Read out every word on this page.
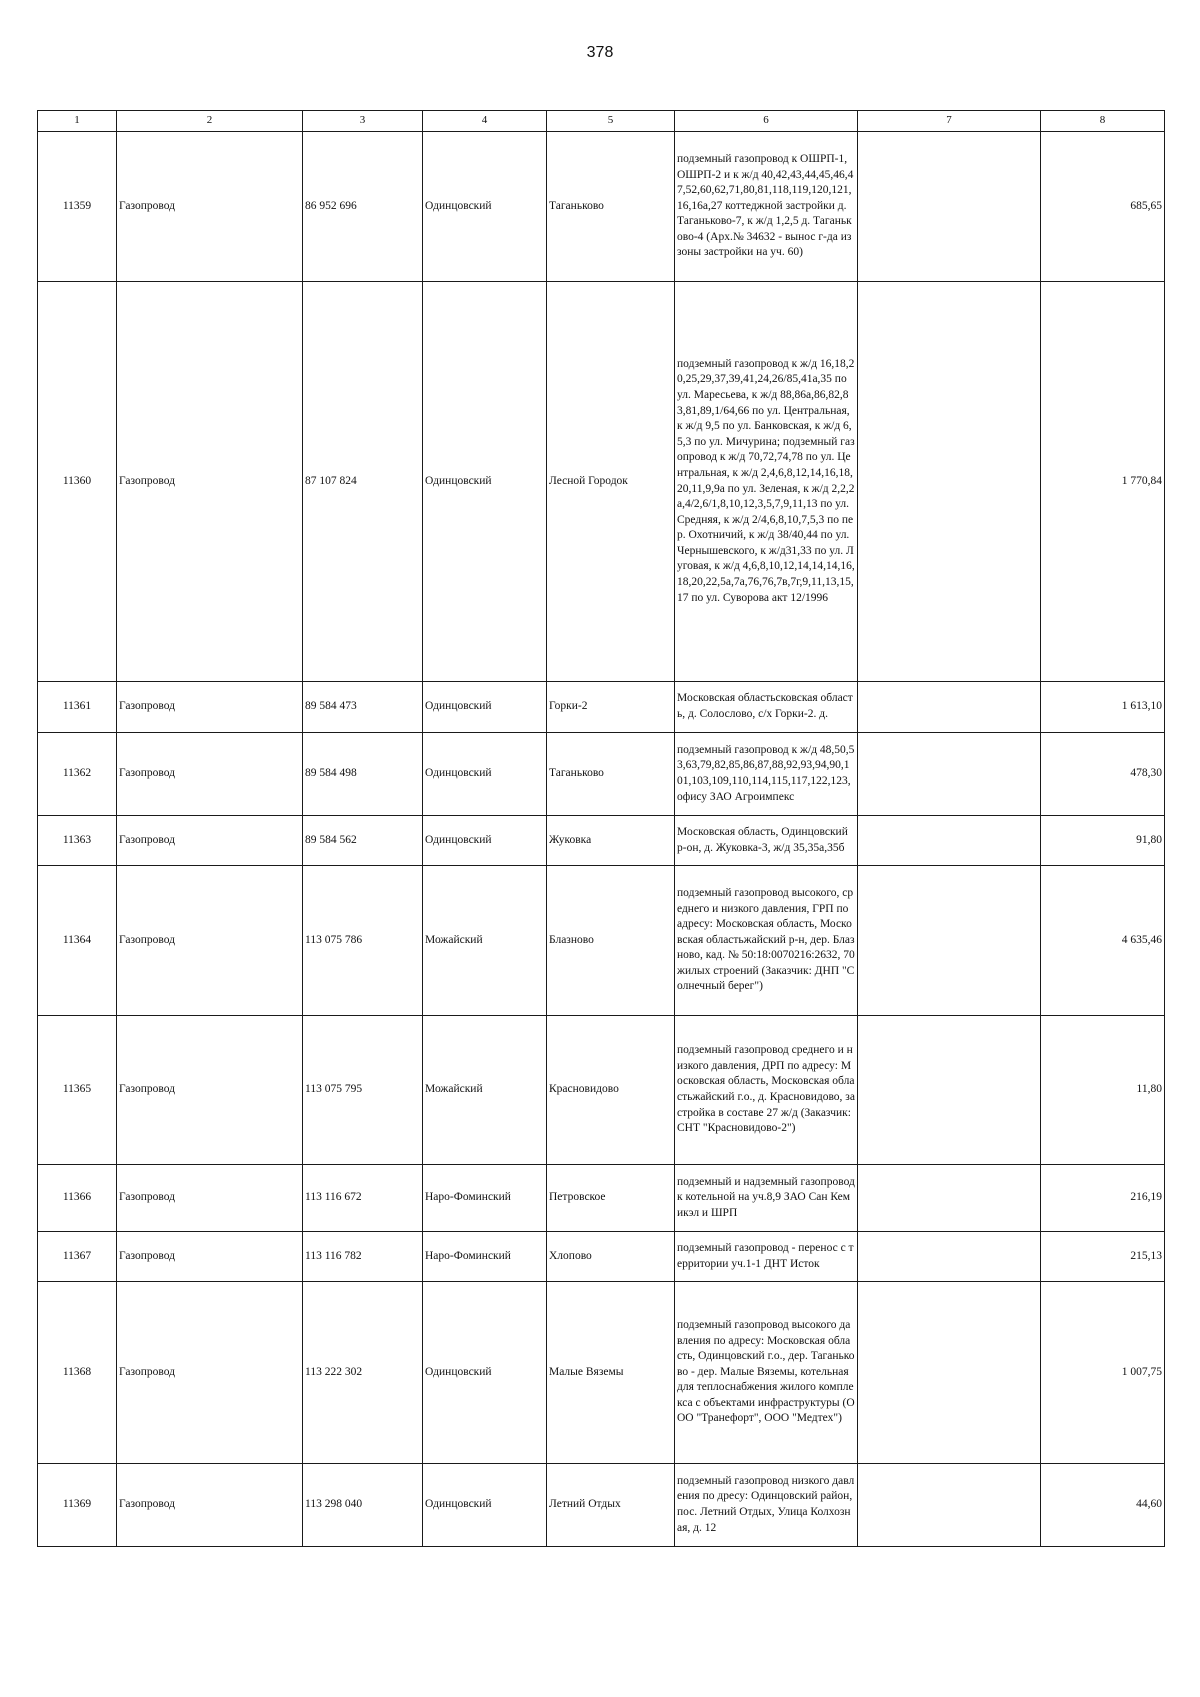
378
1	2	3	4	5	6	7	8
11359	Газопровод	86 952 696	Одинцовский	Таганьково	подземный газопровод к ОШРП-1, ОШРП-2 и к ж/д 40,42,43,44,45,46,47,52,60,62,71,80,81,118,119,120,121,16,16а,27 коттеджной застройки д. Таганьково-7, к ж/д 1,2,5 д. Таганьково-4 (Арх.№ 34632 - вынос г-да из зоны застройки на уч. 60)		685,65
11360	Газопровод	87 107 824	Одинцовский	Лесной Городок	подземный газопровод к ж/д 16,18,20,25,29,37,39,41,24,26/85,41а,35 по ул. Маресьева, к ж/д 88,86а,86,82,83,81,89,1/64,66 по ул. Центральная, к ж/д 9,5 по ул. Банковская, к ж/д 6,5,3 по ул. Мичурина; подземный газопровод к ж/д 70,72,74,78 по ул. Центральная, к ж/д 2,4,6,8,12,14,16,18,20,11,9,9а по ул. Зеленая, к ж/д 2,2,2а,4/2,6/1,8,10,12,3,5,7,9,11,13 по ул. Средняя, к ж/д 2/4,6,8,10,7,5,3 по пер. Охотничий, к ж/д 38/40,44 по ул. Чернышевского, к ж/д31,33 по ул. Луговая, к ж/д 4,6,8,10,12,14,14,14,16,18,20,22,5а,7а,76,76,7в,7г,9,11,13,15,17 по ул. Суворова акт 12/1996		1 770,84
11361	Газопровод	89 584 473	Одинцовский	Горки-2	Московская областьсковская область, д. Солослово, с/х Горки-2. д.		1 613,10
11362	Газопровод	89 584 498	Одинцовский	Таганьково	подземный газопровод к ж/д 48,50,53,63,79,82,85,86,87,88,92,93,94,90,101,103,109,110,114,115,117,122,123,офису ЗАО Агроимпекс		478,30
11363	Газопровод	89 584 562	Одинцовский	Жуковка	Московская область, Одинцовский р-он, д. Жуковка-3, ж/д 35,35а,35б		91,80
11364	Газопровод	113 075 786	Можайский	Блазново	подземный газопровод высокого, среднего и низкого давления, ГРП по адресу: Московская область, Московская областьжайский р-н, дер. Блазново, кад. № 50:18:0070216:2632, 70 жилых строений (Заказчик: ДНП "Солнечный берег")		4 635,46
11365	Газопровод	113 075 795	Можайский	Красновидово	подземный газопровод среднего и низкого давления, ДРП по адресу: Московская область, Московская областьжайский г.о., д. Красновидово, застройка в составе 27 ж/д (Заказчик: СНТ "Красновидово-2")		11,80
11366	Газопровод	113 116 672	Наро-Фоминский	Петровское	подземный и надземный газопровод к котельной на уч.8,9 ЗАО Сан Кемикэл и ШРП		216,19
11367	Газопровод	113 116 782	Наро-Фоминский	Хлопово	подземный газопровод - перенос с территории уч.1-1 ДНТ Исток		215,13
11368	Газопровод	113 222 302	Одинцовский	Малые Вяземы	подземный газопровод высокого давления по адресу: Московская область, Одинцовский г.о., дер. Таганьково - дер. Малые Вяземы, котельная для теплоснабжения жилого комплекса с объектами инфраструктуры (ООО "Транефорт", ООО "Медтех")		1 007,75
11369	Газопровод	113 298 040	Одинцовский	Летний Отдых	подземный газопровод низкого давления по дресу: Одинцовский район, пос. Летний Отдых, Улица Колхозная, д. 12		44,60
